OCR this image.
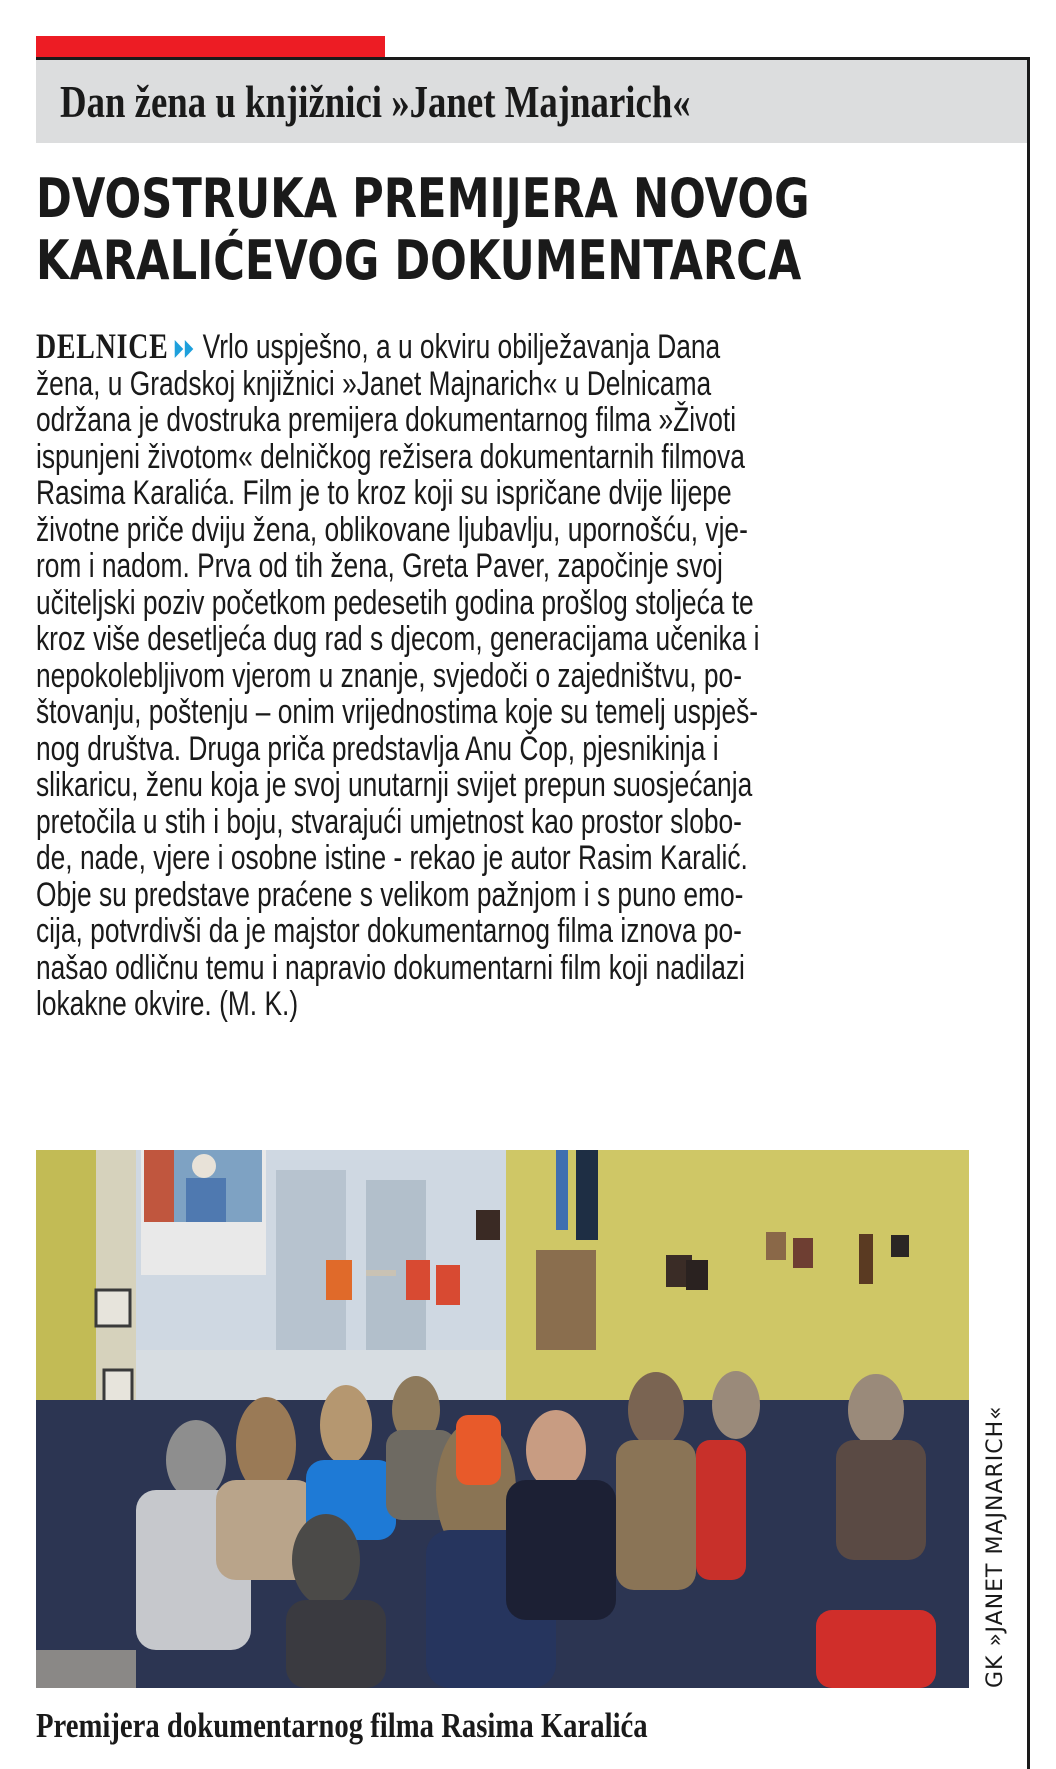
Dan žena u knjižnici »Janet Majnarich«
DVOSTRUKA PREMIJERA NOVOG
KARALIĆEVOG DOKUMENTARCA
DELNICE Vrlo uspješno, a u okviru obilježavanja Dana
žena, u Gradskoj knjižnici »Janet Majnarich« u Delnicama
održana je dvostruka premijera dokumentarnog filma »Životi
ispunjeni životom« delničkog režisera dokumentarnih filmova
Rasima Karalića. Film je to kroz koji su ispričane dvije lijepe
životne priče dviju žena, oblikovane ljubavlju, upornošću, vje-
rom i nadom. Prva od tih žena, Greta Paver, započinje svoj
učiteljski poziv početkom pedesetih godina prošlog stoljeća te
kroz više desetljeća dug rad s djecom, generacijama učenika i
nepokolebljivom vjerom u znanje, svjedoči o zajedništvu, po-
štovanju, poštenju – onim vrijednostima koje su temelj uspješ-
nog društva. Druga priča predstavlja Anu Čop, pjesnikinja i
slikaricu, ženu koja je svoj unutarnji svijet prepun suosjećanja
pretočila u stih i boju, stvarajući umjetnost kao prostor slobo-
de, nade, vjere i osobne istine - rekao je autor Rasim Karalić.
Obje su predstave praćene s velikom pažnjom i s puno emo-
cija, potvrdivši da je majstor dokumentarnog filma iznova po-
našao odličnu temu i napravio dokumentarni film koji nadilazi
lokakne okvire. (M. K.)
GK »JANET MAJNARICH«
Premijera dokumentarnog filma Rasima Karalića
